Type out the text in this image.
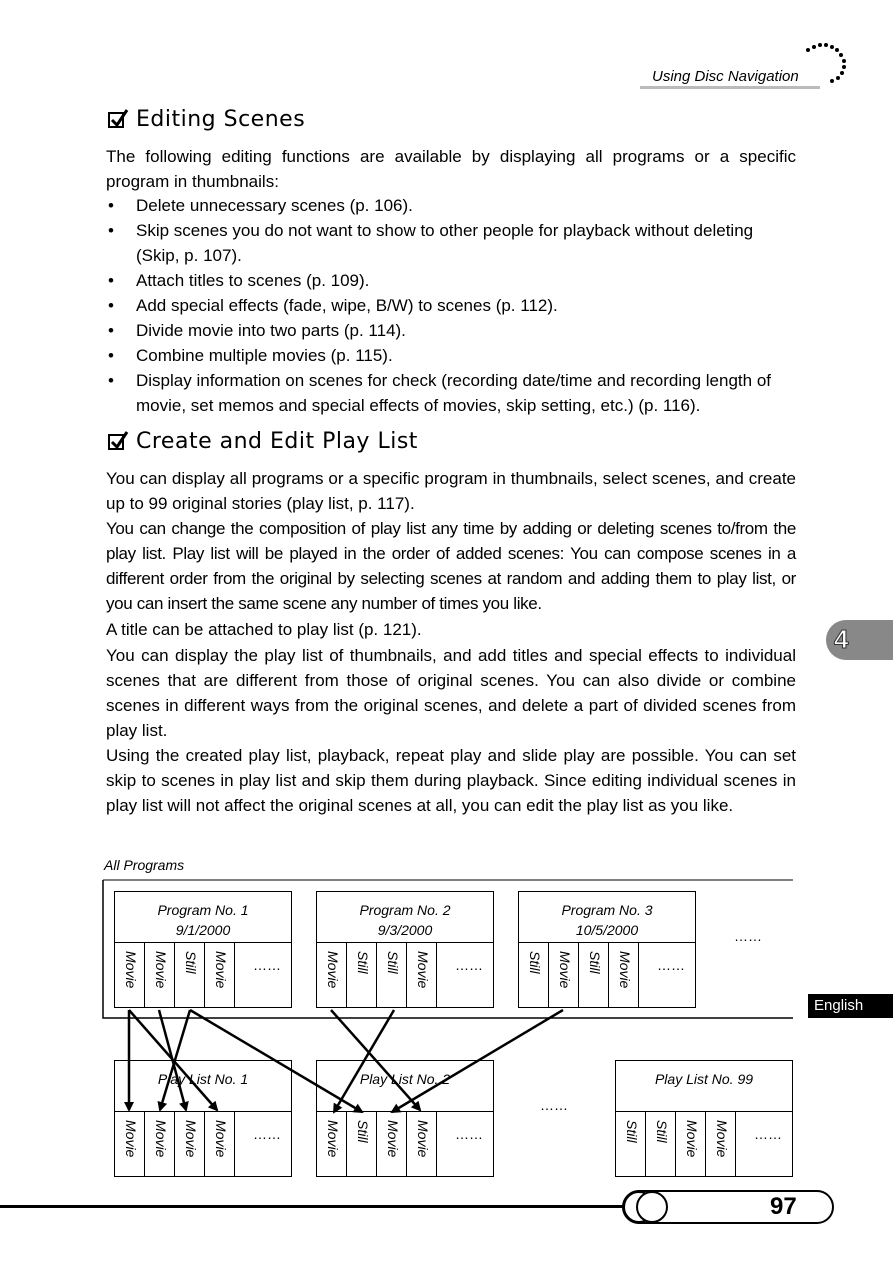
Using Disc Navigation
Editing Scenes

The following editing functions are available by displaying all programs or a specific program in thumbnails:

• Delete unnecessary scenes (p. 106).
• Skip scenes you do not want to show to other people for playback without deleting (Skip, p. 107).
• Attach titles to scenes (p. 109).
• Add special effects (fade, wipe, B/W) to scenes (p. 112).
• Divide movie into two parts (p. 114).
• Combine multiple movies (p. 115).
• Display information on scenes for check (recording date/time and recording length of movie, set memos and special effects of movies, skip setting, etc.) (p. 116).
Create and Edit Play List

You can display all programs or a specific program in thumbnails, select scenes, and create up to 99 original stories (play list, p. 117).

You can change the composition of play list any time by adding or deleting scenes to/from the play list. Play list will be played in the order of added scenes: You can compose scenes in a different order from the original by selecting scenes at random and adding them to play list, or you can insert the same scene any number of times you like.

A title can be attached to play list (p. 121).

You can display the play list of thumbnails, and add titles and special effects to individual scenes that are different from those of original scenes. You can also divide or combine scenes in different ways from the original scenes, and delete a part of divided scenes from play list.

Using the created play list, playback, repeat play and slide play are possible. You can set skip to scenes in play list and skip them during playback. Since editing individual scenes in play list will not affect the original scenes at all, you can edit the play list as you like.

4
English
All Programs
Program No. 1
9/1/2000
Movie Movie Still Movie ……
Program No. 2
9/3/2000
Movie Still Still Movie ……
Program No. 3
10/5/2000
Still Movie Still Movie ……
……
Play List No. 1
Movie Movie Movie Movie ……
Play List No. 2
Movie Still Movie Movie ……
……
Play List No. 99
Still Still Movie Movie ……
97
